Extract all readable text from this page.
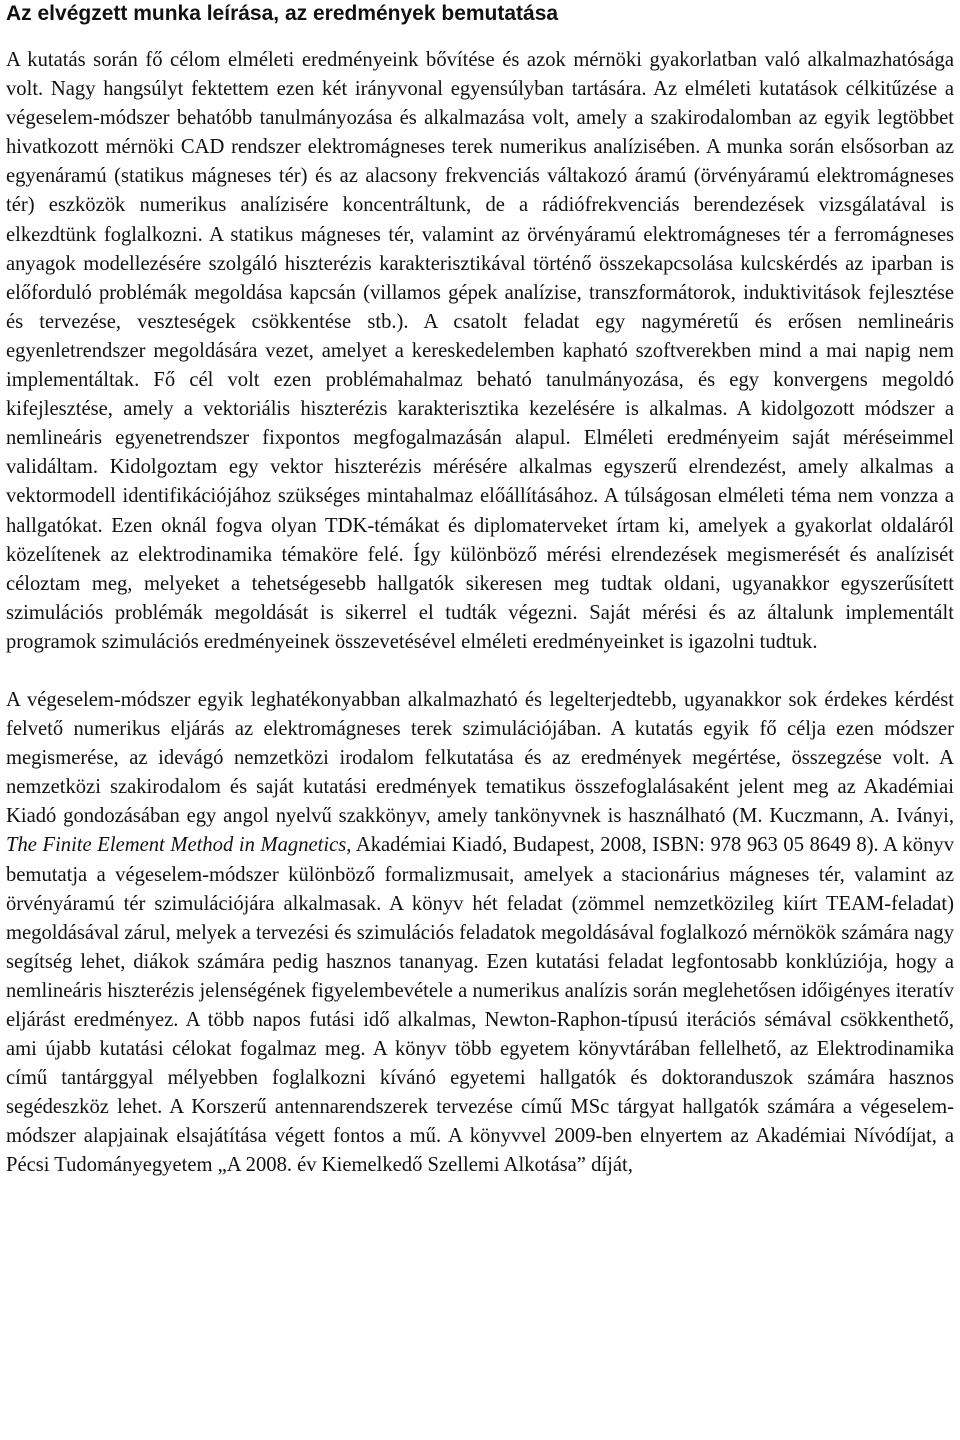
Az elvégzett munka leírása, az eredmények bemutatása

A kutatás során fő célom elméleti eredményeink bővítése és azok mérnöki gyakorlatban való alkalmazhatósága volt. Nagy hangsúlyt fektettem ezen két irányvonal egyensúlyban tartására. Az elméleti kutatások célkitűzése a végeselem-módszer behatóbb tanulmányozása és alkalmazása volt, amely a szakirodalomban az egyik legtöbbet hivatkozott mérnöki CAD rendszer elektromágneses terek numerikus analízisében. A munka során elsősorban az egyenáramú (statikus mágneses tér) és az alacsony frekvenciás váltakozó áramú (örvényáramú elektromágneses tér) eszközök numerikus analízisére koncentráltunk, de a rádiófrekvenciás berendezések vizsgálatával is elkezdtünk foglalkozni. A statikus mágneses tér, valamint az örvényáramú elektromágneses tér a ferromágneses anyagok modellezésére szolgáló hiszterézis karakterisztikával történő összekapcsolása kulcskérdés az iparban is előforduló problémák megoldása kapcsán (villamos gépek analízise, transzformátorok, induktivitások fejlesztése és tervezése, veszteségek csökkentése stb.). A csatolt feladat egy nagyméretű és erősen nemlineáris egyenletrendszer megoldására vezet, amelyet a kereskedelemben kapható szoftverekben mind a mai napig nem implementáltak. Fő cél volt ezen problémahalmaz beható tanulmányozása, és egy konvergens megoldó kifejlesztése, amely a vektoriális hiszterézis karakterisztika kezelésére is alkalmas. A kidolgozott módszer a nemlineáris egyenetrendszer fixpontos megfogalmazásán alapul. Elméleti eredményeim saját méréseimmel validáltam. Kidolgoztam egy vektor hiszterézis mérésére alkalmas egyszerű elrendezést, amely alkalmas a vektormodell identifikációjához szükséges mintahalmaz előállításához. A túlságosan elméleti téma nem vonzza a hallgatókat. Ezen oknál fogva olyan TDK-témákat és diplomaterveket írtam ki, amelyek a gyakorlat oldaláról közelítenek az elektrodinamika témaköre felé. Így különböző mérési elrendezések megismerését és analízisét céloztam meg, melyeket a tehetségesebb hallgatók sikeresen meg tudtak oldani, ugyanakkor egyszerűsített szimulációs problémák megoldását is sikerrel el tudták végezni. Saját mérési és az általunk implementált programok szimulációs eredményeinek összevetésével elméleti eredményeinket is igazolni tudtuk.

A végeselem-módszer egyik leghatékonyabban alkalmazható és legelterjedtebb, ugyanakkor sok érdekes kérdést felvető numerikus eljárás az elektromágneses terek szimulációjában. A kutatás egyik fő célja ezen módszer megismerése, az idevágó nemzetközi irodalom felkutatása és az eredmények megértése, összegzése volt. A nemzetközi szakirodalom és saját kutatási eredmények tematikus összefoglalásaként jelent meg az Akadémiai Kiadó gondozásában egy angol nyelvű szakkönyv, amely tankönyvnek is használható (M. Kuczmann, A. Iványi, The Finite Element Method in Magnetics, Akadémiai Kiadó, Budapest, 2008, ISBN: 978 963 05 8649 8). A könyv bemutatja a végeselem-módszer különböző formalizmusait, amelyek a stacionárius mágneses tér, valamint az örvényáramú tér szimulációjára alkalmasak. A könyv hét feladat (zömmel nemzetközileg kiírt TEAM-feladat) megoldásával zárul, melyek a tervezési és szimulációs feladatok megoldásával foglalkozó mérnökök számára nagy segítség lehet, diákok számára pedig hasznos tananyag. Ezen kutatási feladat legfontosabb konklúziója, hogy a nemlineáris hiszterézis jelenségének figyelembevétele a numerikus analízis során meglehetősen időigényes iteratív eljárást eredményez. A több napos futási idő alkalmas, Newton-Raphon-típusú iterációs sémával csökkenthető, ami újabb kutatási célokat fogalmaz meg. A könyv több egyetem könyvtárában fellelhető, az Elektrodinamika című tantárggyal mélyebben foglalkozni kívánó egyetemi hallgatók és doktoranduszok számára hasznos segédeszköz lehet. A Korszerű antennarendszerek tervezése című MSc tárgyat hallgatók számára a végeselem-módszer alapjainak elsajátítása végett fontos a mű. A könyvvel 2009-ben elnyertem az Akadémiai Nívódíjat, a Pécsi Tudományegyetem „A 2008. év Kiemelkedő Szellemi Alkotása” díját,
